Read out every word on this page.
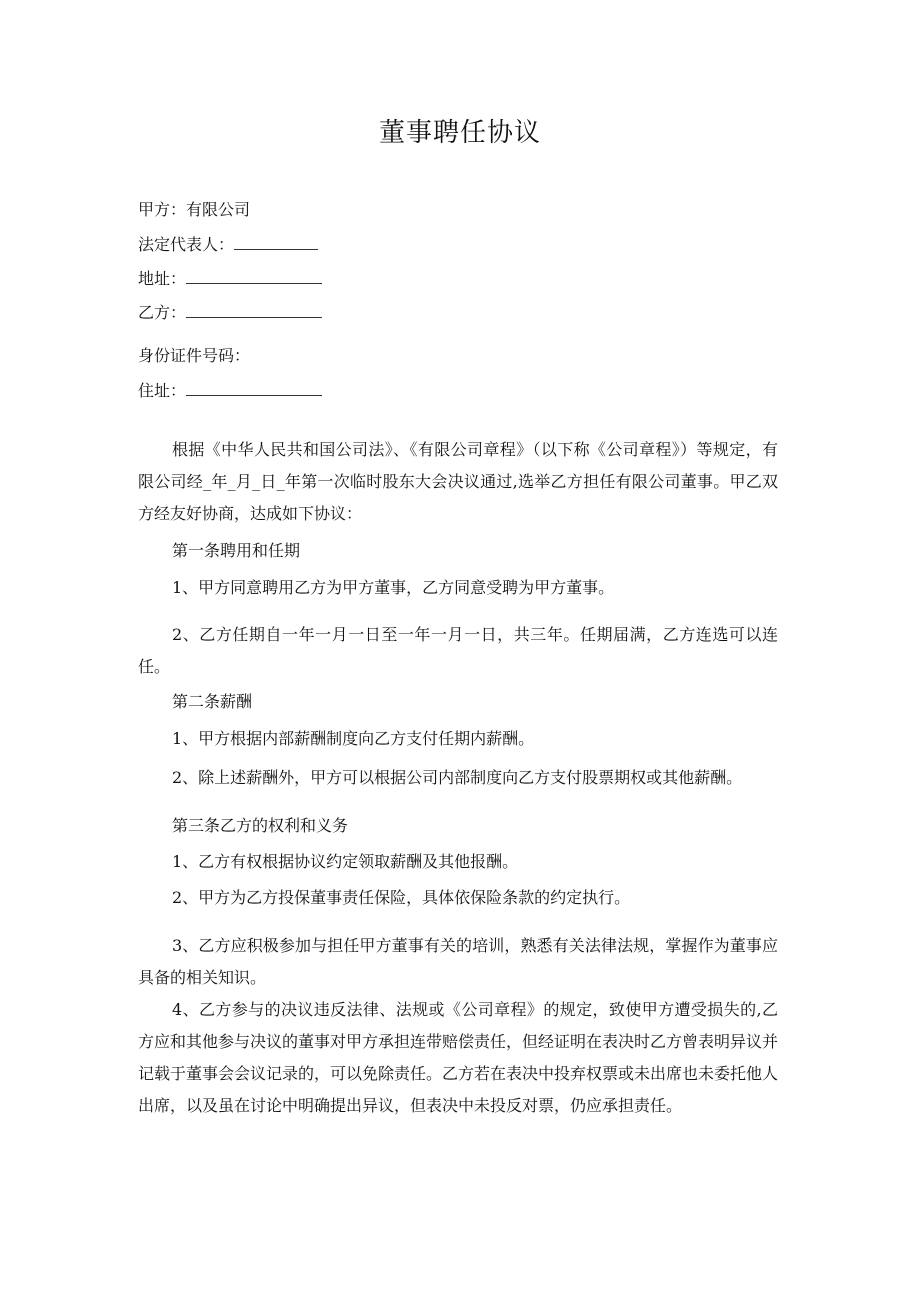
董事聘任协议
甲方：有限公司
法定代表人：
地址：
乙方：
身份证件号码：
住址：
根据《中华人民共和国公司法》、《有限公司章程》（以下称《公司章程》）等规定，有限公司经_年_月_日_年第一次临时股东大会决议通过,选举乙方担任有限公司董事。甲乙双方经友好协商，达成如下协议：
第一条聘用和任期
1、甲方同意聘用乙方为甲方董事，乙方同意受聘为甲方董事。
2、乙方任期自一年一月一日至一年一月一日，共三年。任期届满，乙方连选可以连任。
第二条薪酬
1、甲方根据内部薪酬制度向乙方支付任期内薪酬。
2、除上述薪酬外，甲方可以根据公司内部制度向乙方支付股票期权或其他薪酬。
第三条乙方的权利和义务
1、乙方有权根据协议约定领取薪酬及其他报酬。
2、甲方为乙方投保董事责任保险，具体依保险条款的约定执行。
3、乙方应积极参加与担任甲方董事有关的培训，熟悉有关法律法规，掌握作为董事应具备的相关知识。
4、乙方参与的决议违反法律、法规或《公司章程》的规定，致使甲方遭受损失的,乙方应和其他参与决议的董事对甲方承担连带赔偿责任，但经证明在表决时乙方曾表明异议并记载于董事会会议记录的，可以免除责任。乙方若在表决中投弃权票或未出席也未委托他人出席，以及虽在讨论中明确提出异议，但表决中未投反对票，仍应承担责任。
